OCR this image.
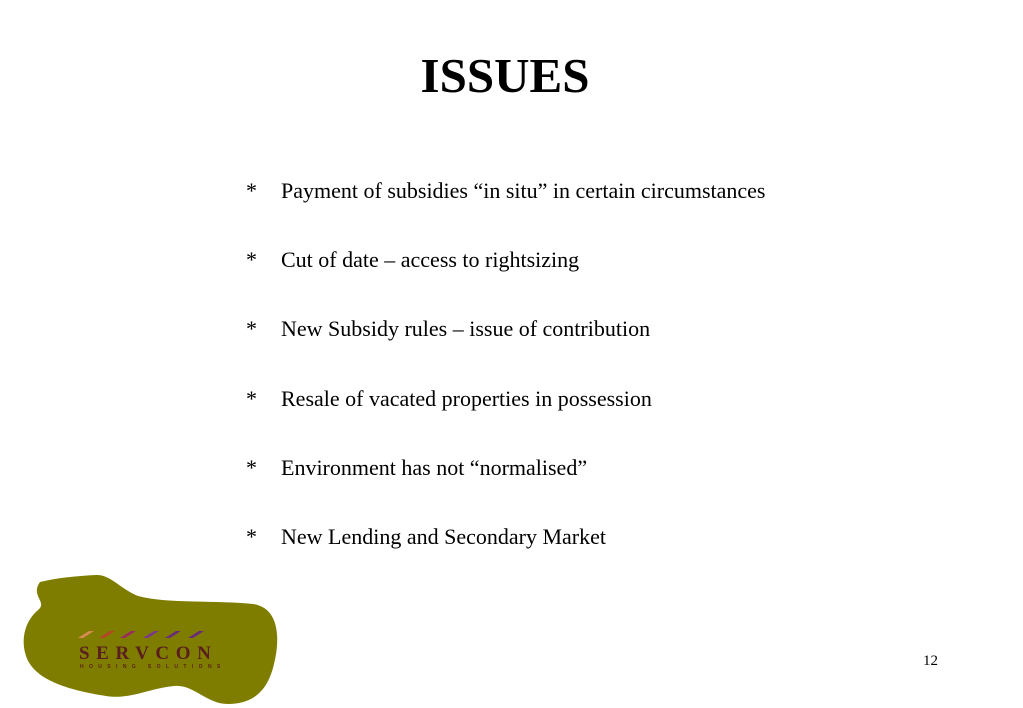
ISSUES
*	Payment of subsidies “in situ” in certain circumstances
*	Cut of date – access to rightsizing
*	New Subsidy rules – issue of contribution
*	Resale of vacated properties in possession
*	Environment has not “normalised”
*	New Lending and Secondary Market
SERVCON
HOUSING SOLUTIONS	12
